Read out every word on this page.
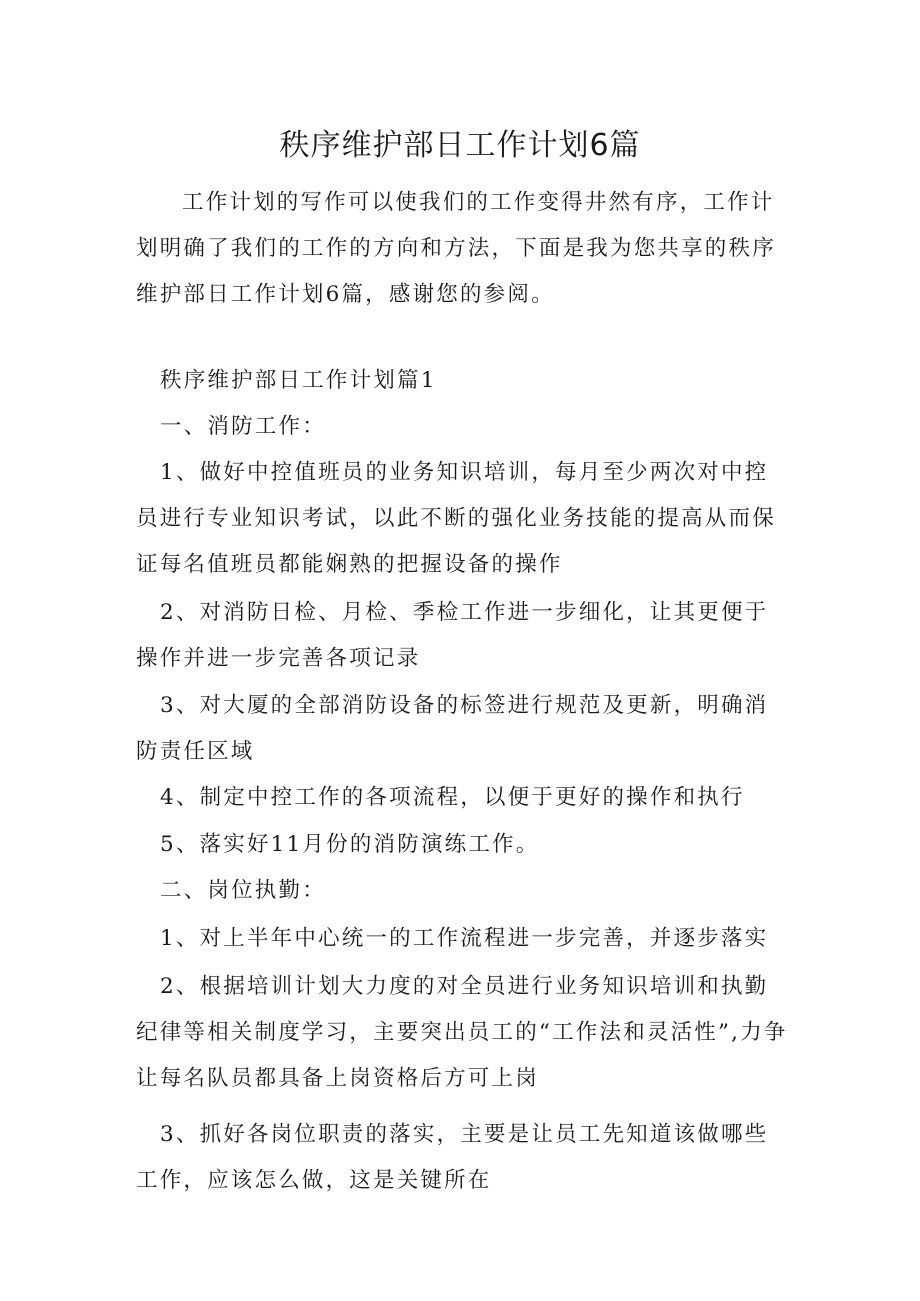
秩序维护部日工作计划6篇

工作计划的写作可以使我们的工作变得井然有序，工作计划明确了我们的工作的方向和方法，下面是我为您共享的秩序维护部日工作计划6篇，感谢您的参阅。

秩序维护部日工作计划篇1

一、消防工作：

1、做好中控值班员的业务知识培训，每月至少两次对中控员进行专业知识考试，以此不断的强化业务技能的提高从而保证每名值班员都能娴熟的把握设备的操作

2、对消防日检、月检、季检工作进一步细化，让其更便于操作并进一步完善各项记录

3、对大厦的全部消防设备的标签进行规范及更新，明确消防责任区域

4、制定中控工作的各项流程，以便于更好的操作和执行

5、落实好11月份的消防演练工作。

二、岗位执勤：

1、对上半年中心统一的工作流程进一步完善，并逐步落实

2、根据培训计划大力度的对全员进行业务知识培训和执勤纪律等相关制度学习，主要突出员工的“工作法和灵活性”,力争让每名队员都具备上岗资格后方可上岗

3、抓好各岗位职责的落实，主要是让员工先知道该做哪些工作，应该怎么做，这是关键所在
